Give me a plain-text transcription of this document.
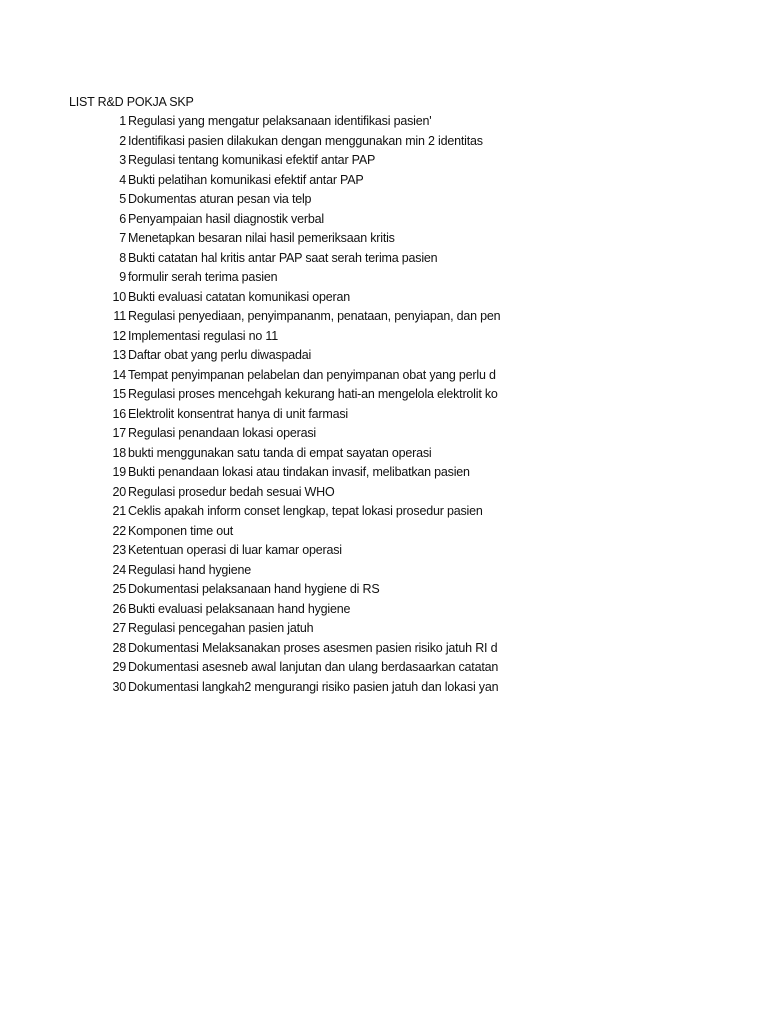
LIST R&D POKJA SKP
1 Regulasi yang mengatur pelaksanaan identifikasi pasien'
2 Identifikasi pasien dilakukan dengan menggunakan min 2 identitas
3 Regulasi tentang komunikasi efektif antar PAP
4 Bukti pelatihan komunikasi efektif antar PAP
5 Dokumentas aturan pesan via telp
6 Penyampaian hasil diagnostik verbal
7 Menetapkan besaran nilai hasil pemeriksaan kritis
8 Bukti catatan hal kritis antar PAP saat serah terima pasien
9 formulir serah terima pasien
10 Bukti evaluasi catatan komunikasi operan
11 Regulasi penyediaan, penyimpananm, penataan, penyiapan, dan pen
12 Implementasi regulasi no 11
13 Daftar obat yang perlu diwaspadai
14 Tempat penyimpanan pelabelan dan penyimpanan obat yang perlu d
15 Regulasi proses mencehgah kekurang hati-an mengelola elektrolit ko
16 Elektrolit konsentrat hanya di unit farmasi
17 Regulasi penandaan lokasi operasi
18 bukti menggunakan satu tanda di empat sayatan operasi
19 Bukti penandaan lokasi atau tindakan invasif, melibatkan pasien
20 Regulasi prosedur bedah sesuai WHO
21 Ceklis apakah inform conset lengkap, tepat lokasi prosedur pasien
22 Komponen time out
23 Ketentuan operasi di luar kamar operasi
24 Regulasi hand hygiene
25 Dokumentasi pelaksanaan hand hygiene di RS
26 Bukti evaluasi pelaksanaan hand hygiene
27 Regulasi pencegahan pasien jatuh
28 Dokumentasi Melaksanakan proses asesmen pasien risiko jatuh RI d
29 Dokumentasi asesneb awal lanjutan dan ulang berdasaarkan catatan
30 Dokumentasi langkah2 mengurangi risiko pasien jatuh dan lokasi yan
